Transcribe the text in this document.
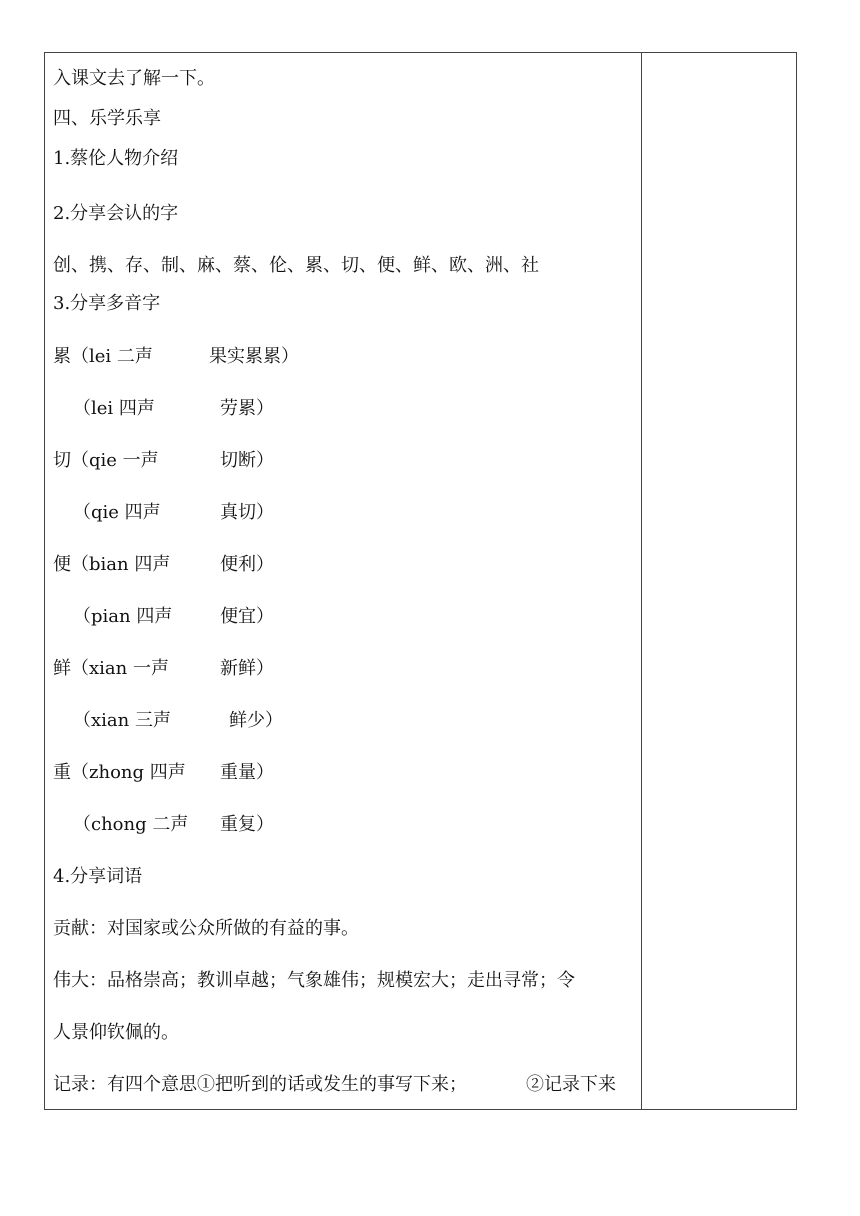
入课文去了解一下。
四、乐学乐享
1.蔡伦人物介绍
2.分享会认的字
创、携、存、制、麻、蔡、伦、累、切、便、鲜、欧、洲、社
3.分享多音字
累（lei 二声	果实累累）
（lei 四声	劳累）
切（qie 一声	切断）
（qie 四声	真切）
便（bian 四声	便利）
（pian 四声	便宜）
鲜（xian 一声	新鲜）
（xian 三声	鲜少）
重（zhong 四声 重量）
（chong 二声 重复）
4.分享词语
贡献：对国家或公众所做的有益的事。
伟大：品格崇高；教训卓越；气象雄伟；规模宏大；走出寻常；令
人景仰钦佩的。
记录：有四个意思①把听到的话或发生的事写下来；	②记录下来
